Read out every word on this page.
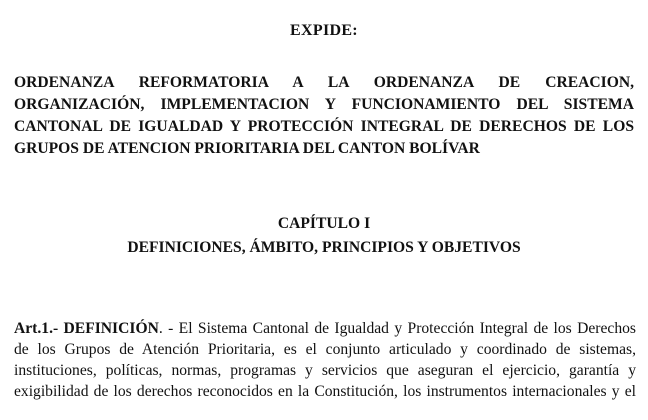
EXPIDE:
ORDENANZA REFORMATORIA A LA ORDENANZA DE CREACION,
ORGANIZACIÓN, IMPLEMENTACION Y FUNCIONAMIENTO DEL SISTEMA
CANTONAL DE IGUALDAD Y PROTECCIÓN INTEGRAL DE DERECHOS DE LOS
GRUPOS DE ATENCION PRIORITARIA DEL CANTON BOLÍVAR
CAPÍTULO I
DEFINICIONES, ÁMBITO, PRINCIPIOS Y OBJETIVOS
Art.1.- DEFINICIÓN. - El Sistema Cantonal de Igualdad y Protección Integral de los Derechos
de los Grupos de Atención Prioritaria, es el conjunto articulado y coordinado de sistemas,
instituciones, políticas, normas, programas y servicios que aseguran el ejercicio, garantía y
exigibilidad de los derechos reconocidos en la Constitución, los instrumentos internacionales y el
